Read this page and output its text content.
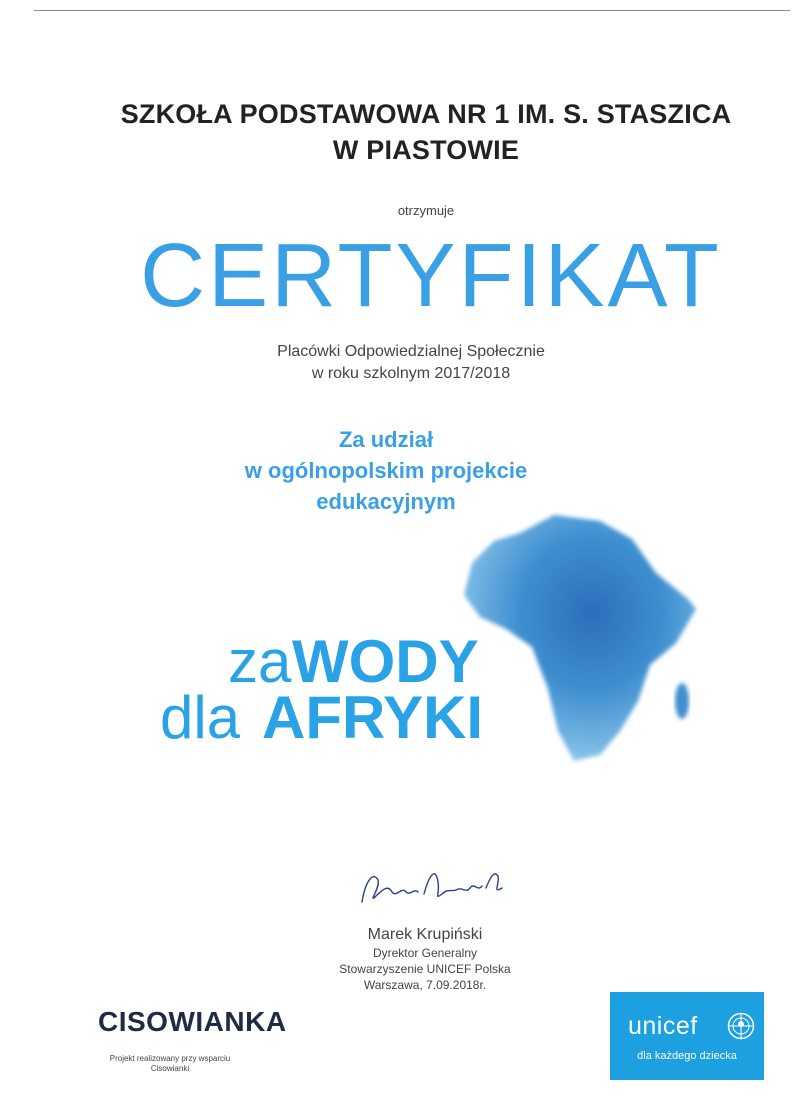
SZKOŁA PODSTAWOWA NR 1 IM. S. STASZICA
W PIASTOWIE
otrzymuje
CERTYFIKAT
Placówki Odpowiedzialnej Społecznie
w roku szkolnym 2017/2018
Za udział
w ogólnopolskim projekcie
edukacyjnym
za WODY
dla AFRYKI
Marek Krupiński
Dyrektor Generalny
Stowarzyszenie UNICEF Polska
Warszawa, 7.09.2018r.
CISOWIANKA
Projekt realizowany przy wsparciu
Cisowianki
unicef
dla każdego dziecka
